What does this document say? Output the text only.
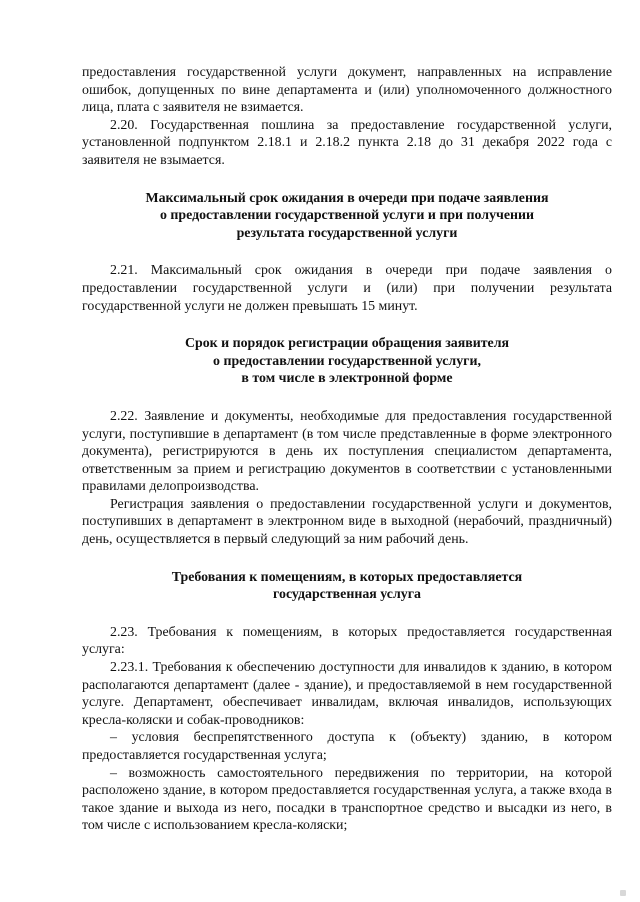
предоставления государственной услуги документ, направленных на исправление ошибок, допущенных по вине департамента и (или) уполномоченного должностного лица, плата с заявителя не взимается.

2.20. Государственная пошлина за предоставление государственной услуги, установленной подпунктом 2.18.1 и 2.18.2 пункта 2.18 до 31 декабря 2022 года с заявителя не взымается.

Максимальный срок ожидания в очереди при подаче заявления
о предоставлении государственной услуги и при получении
результата государственной услуги

2.21. Максимальный срок ожидания в очереди при подаче заявления о предоставлении государственной услуги и (или) при получении результата государственной услуги не должен превышать 15 минут.

Срок и порядок регистрации обращения заявителя
о предоставлении государственной услуги,
в том числе в электронной форме

2.22. Заявление и документы, необходимые для предоставления государственной услуги, поступившие в департамент (в том числе представленные в форме электронного документа), регистрируются в день их поступления специалистом департамента, ответственным за прием и регистрацию документов в соответствии с установленными правилами делопроизводства.

Регистрация заявления о предоставлении государственной услуги и документов, поступивших в департамент в электронном виде в выходной (нерабочий, праздничный) день, осуществляется в первый следующий за ним рабочий день.

Требования к помещениям, в которых предоставляется
государственная услуга

2.23. Требования к помещениям, в которых предоставляется государственная услуга:

2.23.1. Требования к обеспечению доступности для инвалидов к зданию, в котором располагаются департамент (далее - здание), и предоставляемой в нем государственной услуге. Департамент, обеспечивает инвалидам, включая инвалидов, использующих кресла-коляски и собак-проводников:

– условия беспрепятственного доступа к (объекту) зданию, в котором предоставляется государственная услуга;

– возможность самостоятельного передвижения по территории, на которой расположено здание, в котором предоставляется государственная услуга, а также входа в такое здание и выхода из него, посадки в транспортное средство и высадки из него, в том числе с использованием кресла-коляски;
